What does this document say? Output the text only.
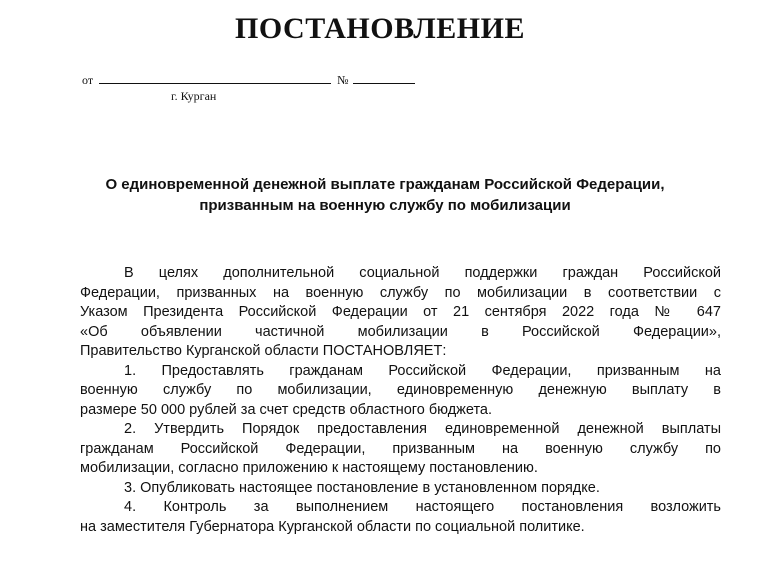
ПОСТАНОВЛЕНИЕ
от	№
г. Курган
О единовременной денежной выплате гражданам Российской Федерации,
призванным на военную службу по мобилизации
В целях дополнительной социальной поддержки граждан Российской
Федерации, призванных на военную службу по мобилизации в соответствии с
Указом Президента Российской Федерации от 21 сентября 2022 года № 647
«Об объявлении частичной мобилизации в Российской Федерации»,
Правительство Курганской области ПОСТАНОВЛЯЕТ:
1. Предоставлять гражданам Российской Федерации, призванным на
военную службу по мобилизации, единовременную денежную выплату в
размере 50 000 рублей за счет средств областного бюджета.
2. Утвердить Порядок предоставления единовременной денежной выплаты
гражданам Российской Федерации, призванным на военную службу по
мобилизации, согласно приложению к настоящему постановлению.
3. Опубликовать настоящее постановление в установленном порядке.
4. Контроль за выполнением настоящего постановления возложить
на заместителя Губернатора Курганской области по социальной политике.
